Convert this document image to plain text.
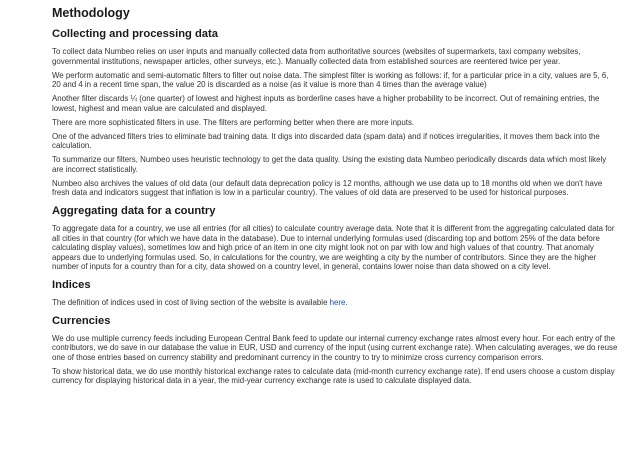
Methodology
Collecting and processing data

To collect data Numbeo relies on user inputs and manually collected data from authoritative sources (websites of supermarkets, taxi company websites, governmental institutions, newspaper articles, other surveys, etc.). Manually collected data from established sources are reentered twice per year.

We perform automatic and semi-automatic filters to filter out noise data. The simplest filter is working as follows: if, for a particular price in a city, values are 5, 6, 20 and 4 in a recent time span, the value 20 is discarded as a noise (as it value is more than 4 times than the average value)

Another filter discards ¼ (one quarter) of lowest and highest inputs as borderline cases have a higher probability to be incorrect. Out of remaining entries, the lowest, highest and mean value are calculated and displayed.

There are more sophisticated filters in use. The filters are performing better when there are more inputs.

One of the advanced filters tries to eliminate bad training data. It digs into discarded data (spam data) and if notices irregularities, it moves them back into the calculation.

To summarize our filters, Numbeo uses heuristic technology to get the data quality. Using the existing data Numbeo periodically discards data which most likely are incorrect statistically.

Numbeo also archives the values of old data (our default data deprecation policy is 12 months, although we use data up to 18 months old when we don't have fresh data and indicators suggest that inflation is low in a particular country). The values of old data are preserved to be used for historical purposes.

Aggregating data for a country

To aggregate data for a country, we use all entries (for all cities) to calculate country average data. Note that it is different from the aggregating calculated data for all cities in that country (for which we have data in the database). Due to internal underlying formulas used (discarding top and bottom 25% of the data before calculating display values), sometimes low and high price of an item in one city might look not on par with low and high values of that country. That anomaly appears due to underlying formulas used. So, in calculations for the country, we are weighting a city by the number of contributors. Since they are the higher number of inputs for a country than for a city, data showed on a country level, in general, contains lower noise than data showed on a city level.

Indices

The definition of indices used in cost of living section of the website is available here.

Currencies

We do use multiple currency feeds including European Central Bank feed to update our internal currency exchange rates almost every hour. For each entry of the contributors, we do save in our database the value in EUR, USD and currency of the input (using current exchange rate). When calculating averages, we do reuse one of those entries based on currency stability and predominant currency in the country to try to minimize cross currency comparison errors.

To show historical data, we do use monthly historical exchange rates to calculate data (mid-month currency exchange rate). If end users choose a custom display currency for displaying historical data in a year, the mid-year currency exchange rate is used to calculate displayed data.
